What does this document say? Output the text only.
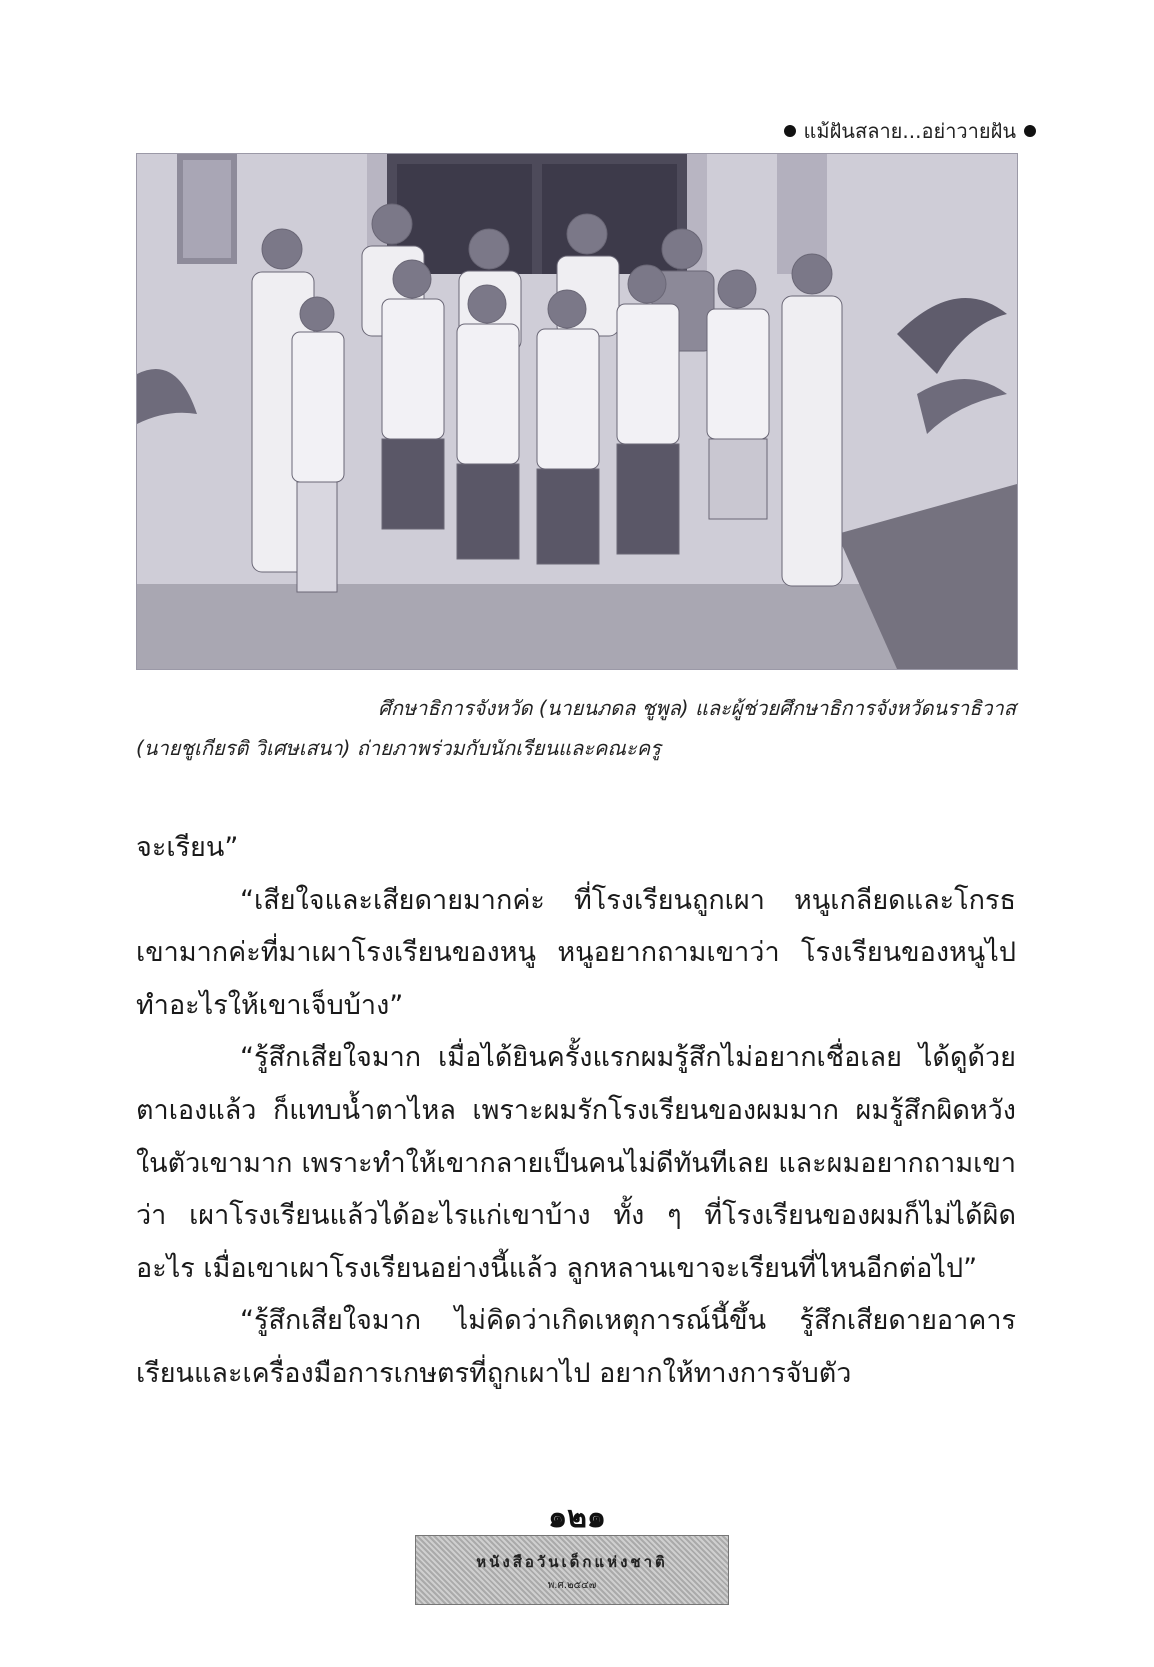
แม้ฝันสลาย...อย่าวายฝัน
ศึกษาธิการจังหวัด (นายนภดล ชูพูล) และผู้ช่วยศึกษาธิการจังหวัดนราธิวาส
(นายชูเกียรติ วิเศษเสนา) ถ่ายภาพร่วมกับนักเรียนและคณะครู

จะเรียน”

“เสียใจและเสียดายมากค่ะ ที่โรงเรียนถูกเผา หนูเกลียดและโกรธเขามากค่ะที่มาเผาโรงเรียนของหนู หนูอยากถามเขาว่า โรงเรียนของหนูไปทำอะไรให้เขาเจ็บบ้าง”

“รู้สึกเสียใจมาก เมื่อได้ยินครั้งแรกผมรู้สึกไม่อยากเชื่อเลย ได้ดูด้วยตาเองแล้ว ก็แทบน้ำตาไหล เพราะผมรักโรงเรียนของผมมาก ผมรู้สึกผิดหวังในตัวเขามาก เพราะทำให้เขากลายเป็นคนไม่ดีทันทีเลย และผมอยากถามเขาว่า เผาโรงเรียนแล้วได้อะไรแก่เขาบ้าง ทั้ง ๆ ที่โรงเรียนของผมก็ไม่ได้ผิดอะไร เมื่อเขาเผาโรงเรียนอย่างนี้แล้ว ลูกหลานเขาจะเรียนที่ไหนอีกต่อไป”

“รู้สึกเสียใจมาก ไม่คิดว่าเกิดเหตุการณ์นี้ขึ้น รู้สึกเสียดายอาคารเรียนและเครื่องมือการเกษตรที่ถูกเผาไป อยากให้ทางการจับตัว

๑๒๑
หนังสือวันเด็กแห่งชาติ
พ.ศ.๒๕๔๗
